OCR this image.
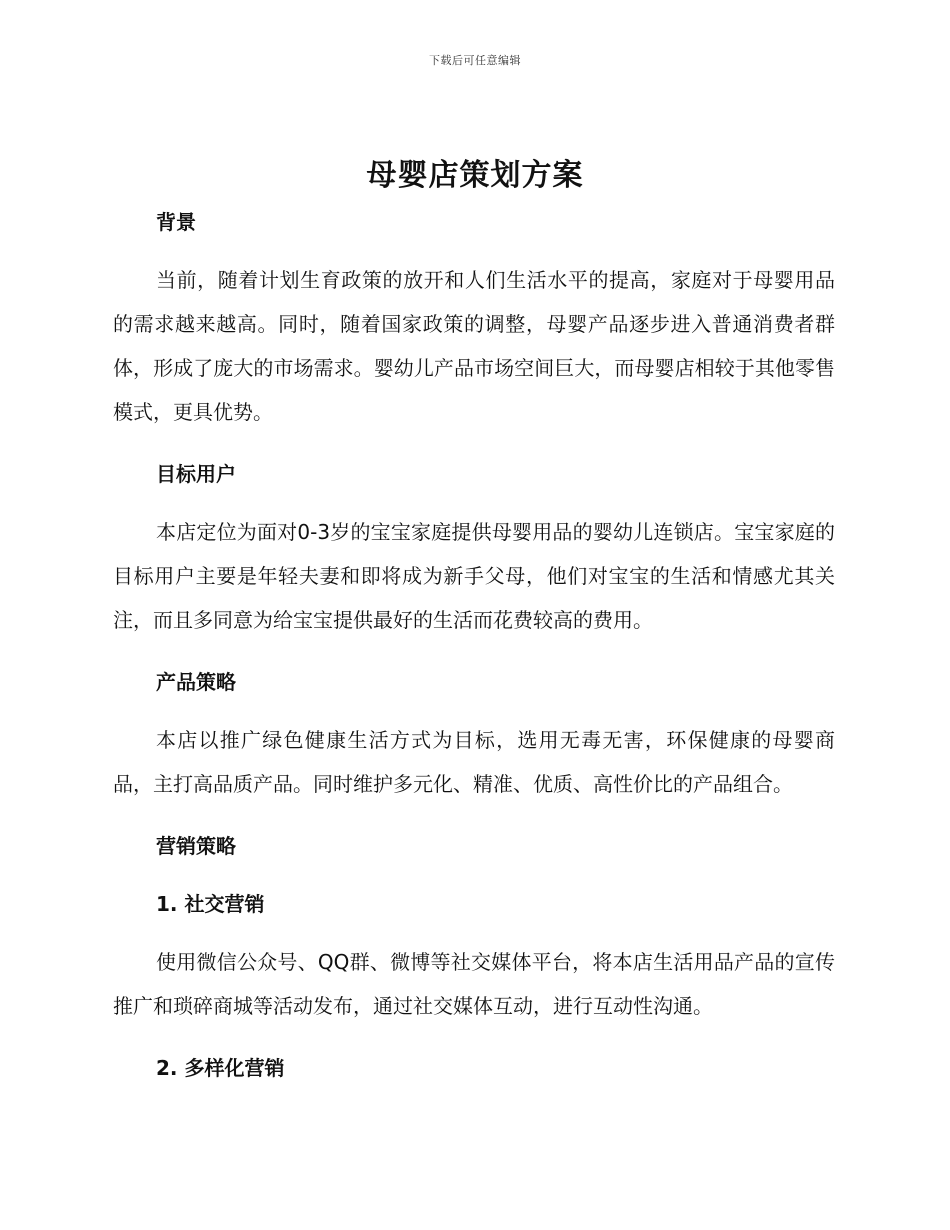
下载后可任意编辑
母婴店策划方案
背景

当前，随着计划生育政策的放开和人们生活水平的提高，家庭对于母婴用品的需求越来越高。同时，随着国家政策的调整，母婴产品逐步进入普通消费者群体，形成了庞大的市场需求。婴幼儿产品市场空间巨大，而母婴店相较于其他零售模式，更具优势。

目标用户

本店定位为面对0-3岁的宝宝家庭提供母婴用品的婴幼儿连锁店。宝宝家庭的目标用户主要是年轻夫妻和即将成为新手父母，他们对宝宝的生活和情感尤其关注，而且多同意为给宝宝提供最好的生活而花费较高的费用。

产品策略

本店以推广绿色健康生活方式为目标，选用无毒无害，环保健康的母婴商品，主打高品质产品。同时维护多元化、精准、优质、高性价比的产品组合。

营销策略
1. 社交营销

使用微信公众号、QQ群、微博等社交媒体平台，将本店生活用品产品的宣传推广和琐碎商城等活动发布，通过社交媒体互动，进行互动性沟通。

2. 多样化营销
